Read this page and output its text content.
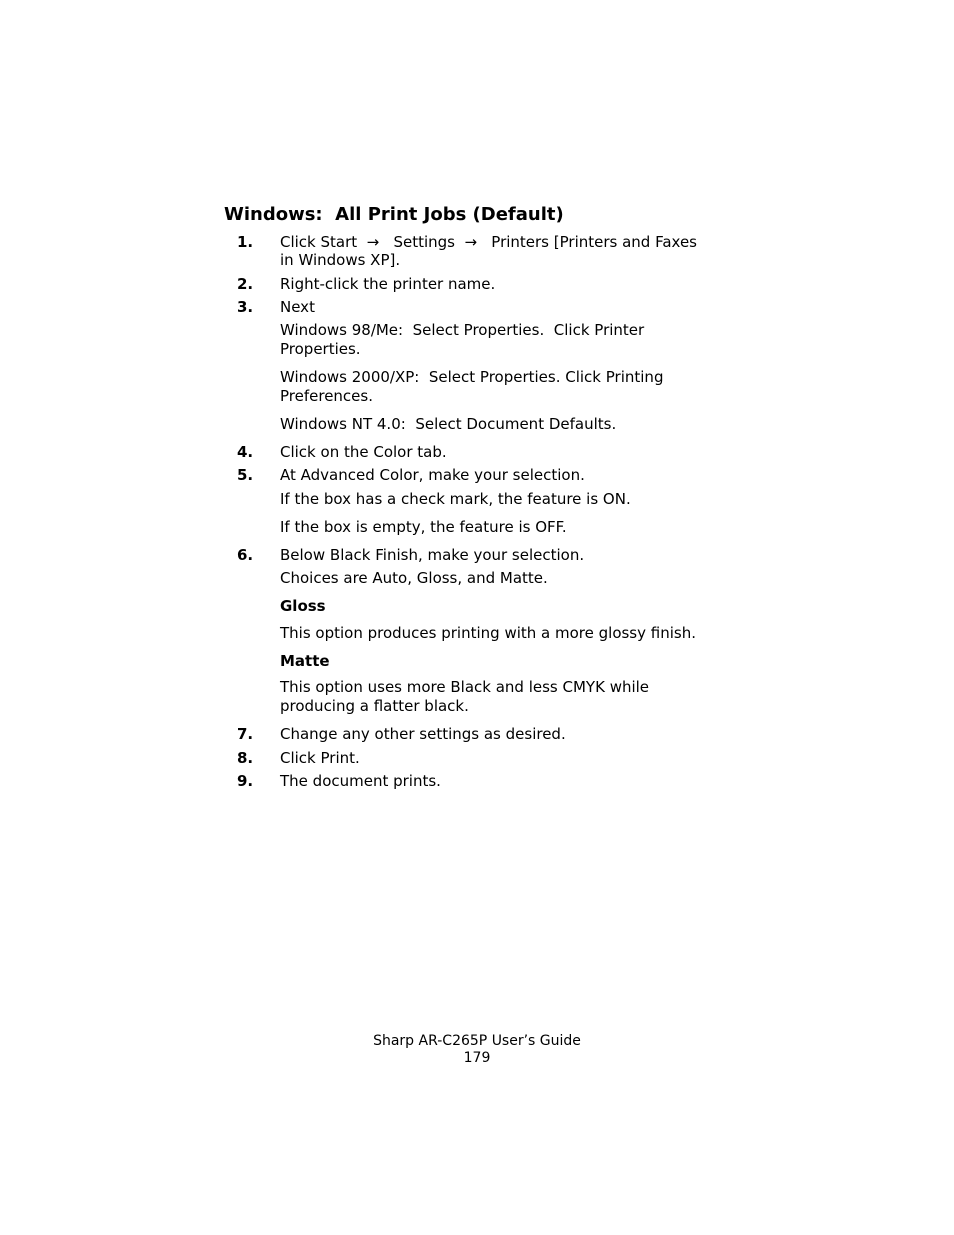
Windows:  All Print Jobs (Default)
1. Click Start →  Settings →  Printers [Printers and Faxes
in Windows XP].
2. Right-click the printer name.
3. Next
Windows 98/Me:  Select Properties.  Click Printer
Properties.
Windows 2000/XP:  Select Properties. Click Printing
Preferences.
Windows NT 4.0:  Select Document Defaults.
4. Click on the Color tab.
5. At Advanced Color, make your selection.
If the box has a check mark, the feature is ON.
If the box is empty, the feature is OFF.
6. Below Black Finish, make your selection.
Choices are Auto, Gloss, and Matte.
Gloss
This option produces printing with a more glossy finish.
Matte
This option uses more Black and less CMYK while
producing a flatter black.
7. Change any other settings as desired.
8. Click Print.
9. The document prints.
Sharp AR-C265P User’s Guide
179
